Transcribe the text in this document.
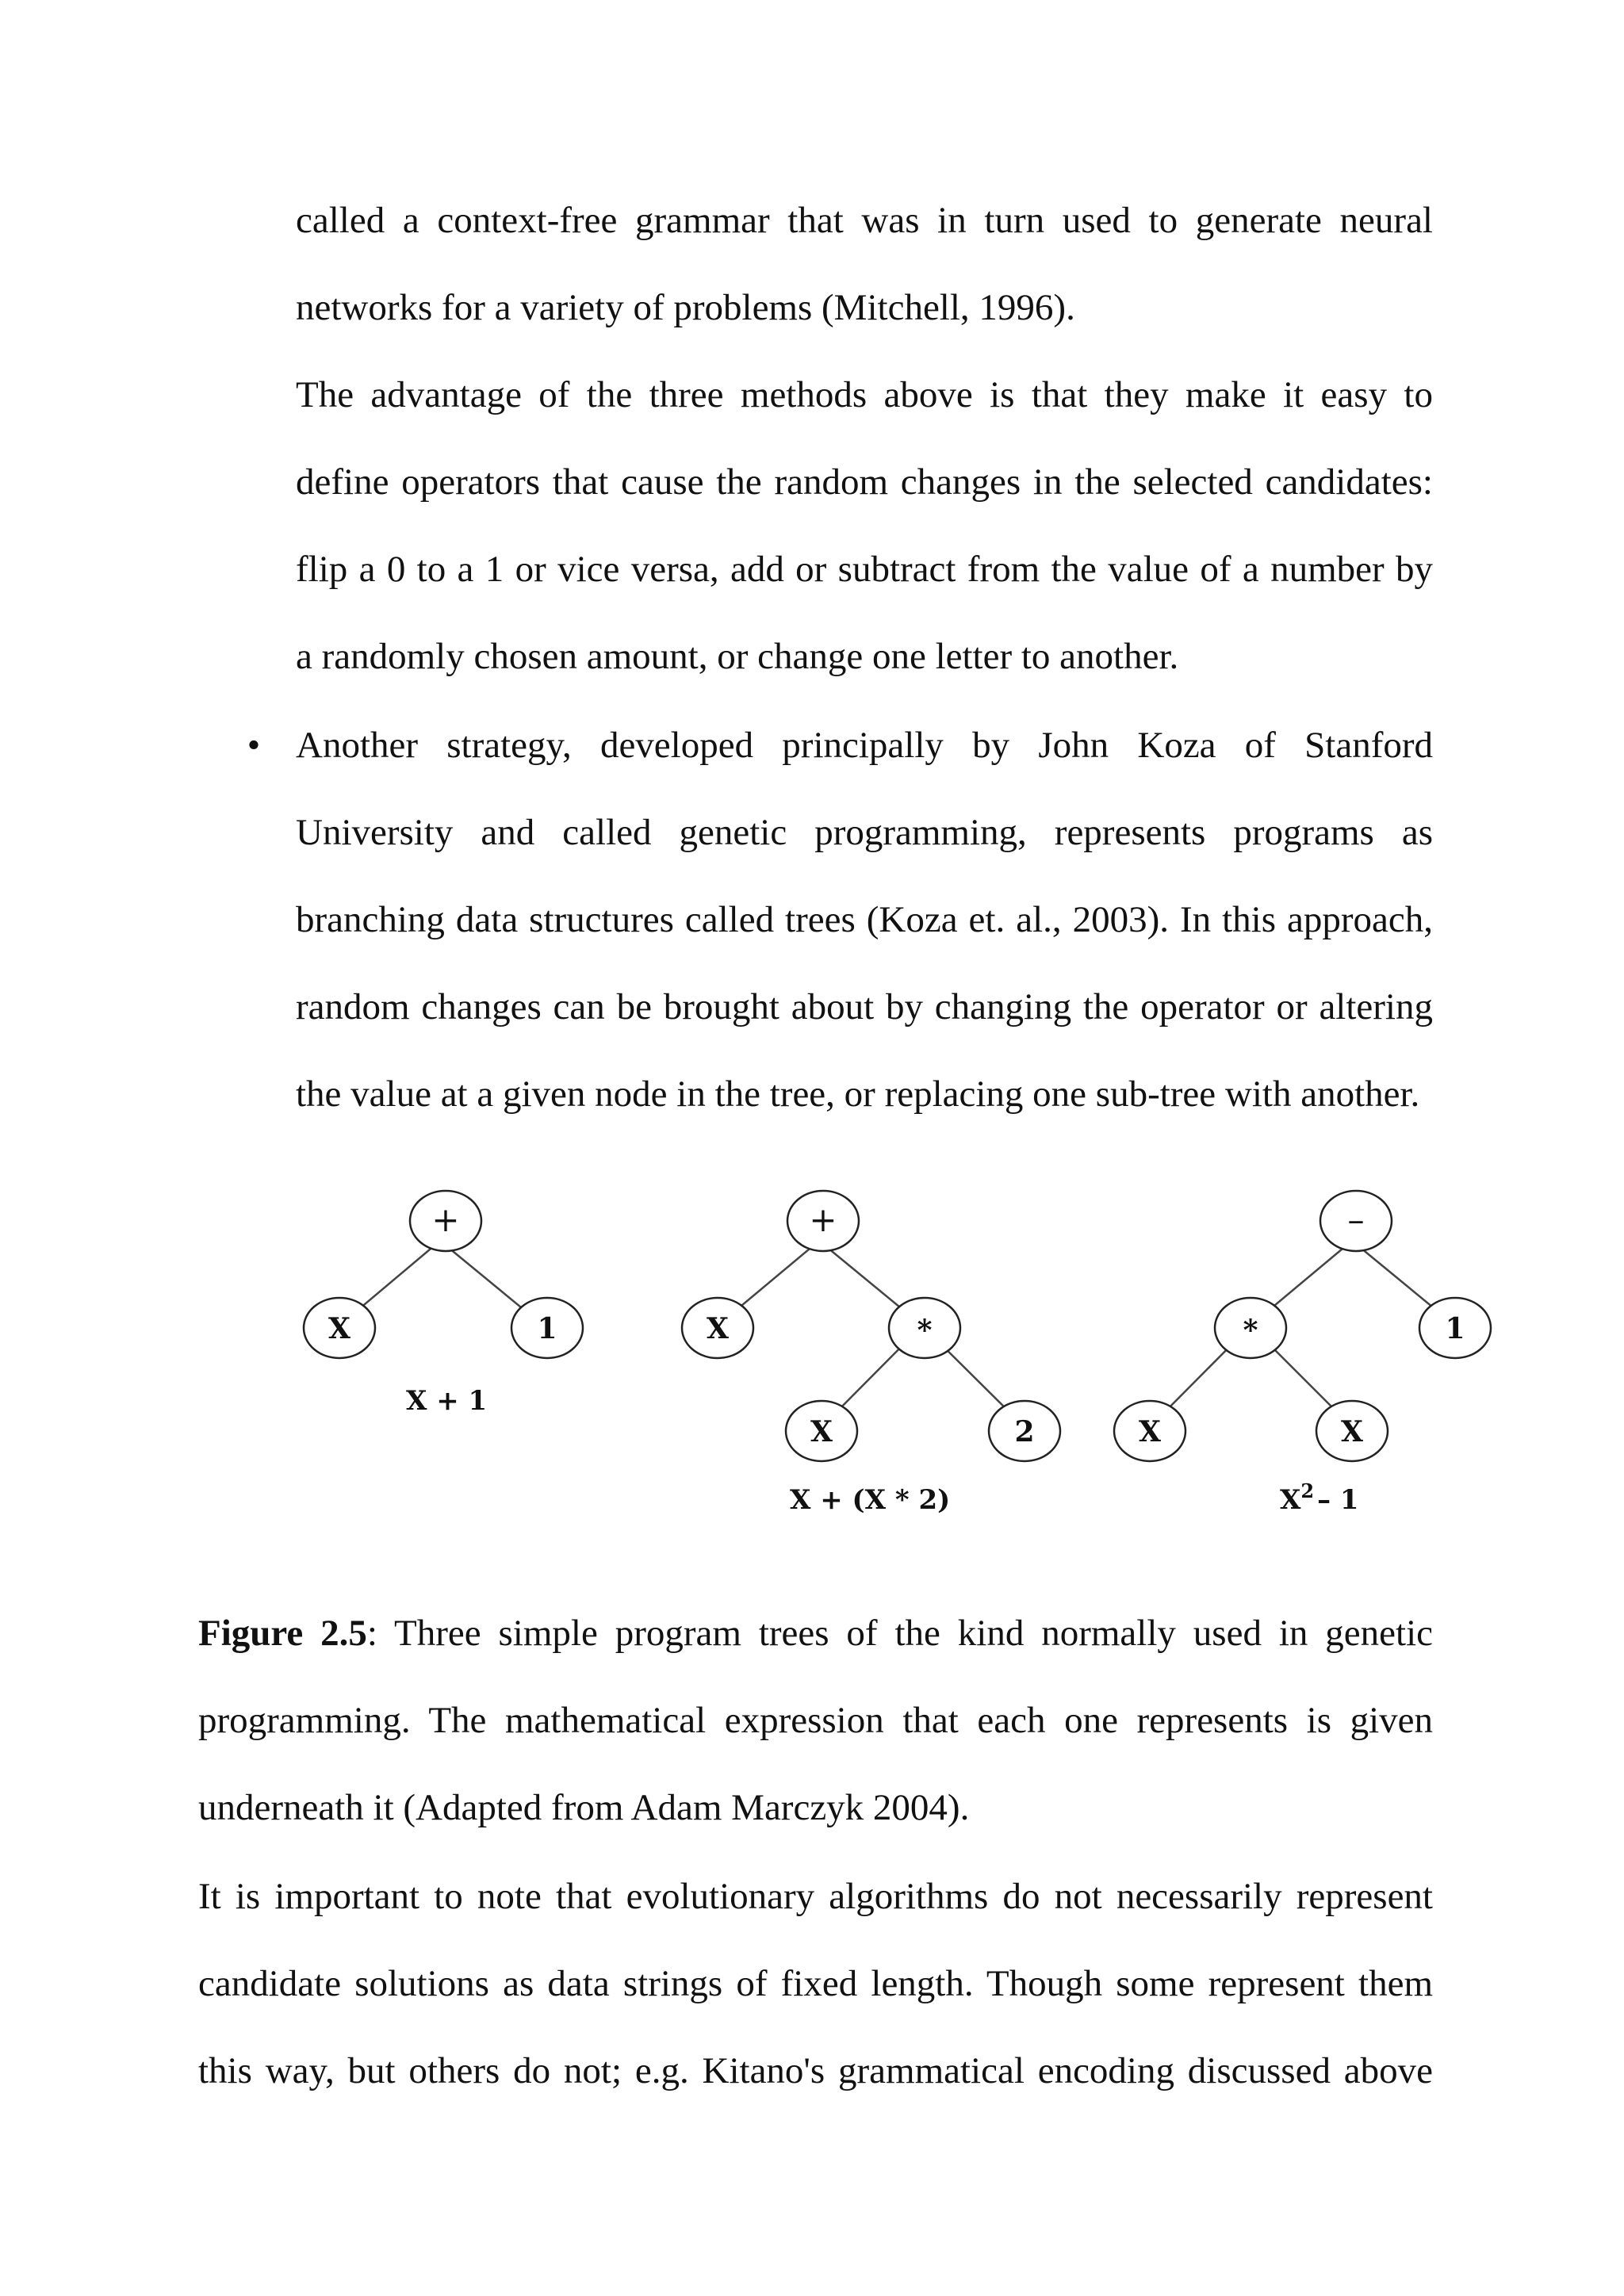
called a context-free grammar that was in turn used to generate neural
networks for a variety of problems (Mitchell, 1996).
The advantage of the three methods above is that they make it easy to
define operators that cause the random changes in the selected candidates:
flip a 0 to a 1 or vice versa, add or subtract from the value of a number by
a randomly chosen amount, or change one letter to another.
• Another strategy, developed principally by John Koza of Stanford
University and called genetic programming, represents programs as
branching data structures called trees (Koza et. al., 2003). In this approach,
random changes can be brought about by changing the operator or altering
the value at a given node in the tree, or replacing one sub-tree with another.
+
X	1
+
X	*
X	2
–
*	1
X	X
X + 1
X + (X * 2)	$X^2 - 1$
Figure 2.5: Three simple program trees of the kind normally used in genetic
programming. The mathematical expression that each one represents is given
underneath it (Adapted from Adam Marczyk 2004).
It is important to note that evolutionary algorithms do not necessarily represent
candidate solutions as data strings of fixed length. Though some represent them
this way, but others do not; e.g. Kitano's grammatical encoding discussed above
